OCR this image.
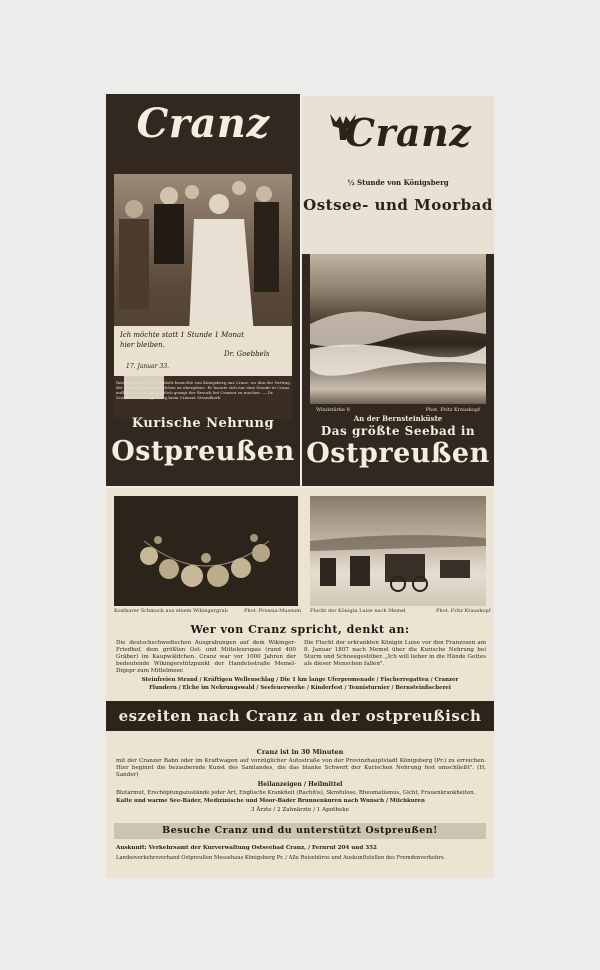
Cranz
Ich möchte statt 1 Stunde 1 Monat hier bleiben.
Dr. Goebbels
17. Januar 33.
Reichsminister Dr. Goebbels besuchte von Königsberg aus Cranz, wo ihm der Vertrag der Cranzer Blumenmädchen zu übergeben. Er konnte sich nur eine Stunde in Cranz aufhalten, so ist ausführlich gesagt der Besuch bei Cranzer zu machen. — Dr. Goebbels und Begleitung beim Cranzer Strandkorb
Kurische Nehrung
Ostpreußen
Cranz
½ Stunde von Königsberg
Ostsee- und Moorbad
Windstärke 8	Phot. Fritz Krauskopf
An der Bernsteinküste
Das größte Seebad in
Ostpreußen
Kostbarer Schmuck aus einem Wikingergrab	Phot. Prussia-Museum Flucht der Königin Luise nach Memel	Phot. Fritz Krauskopf
Wer von Cranz spricht, denkt an:
Die deutschschwedischen Ausgrabungen auf dem Wikinger-Friedhof, dem größten Ost- und Mitteleuropas (rund 400 Gräber) im Kaupwäldchen. Cranz war vor 1000 Jahren der bedeutende Wikingerstützpunkt der Handelsstraße Memel-Dnjepr zum Mittelmeer.
Die Flucht der erkrankten Königin Luise vor den Franzosen am 8. Januar 1807 nach Memel über die Kurische Nehrung bei Sturm und Schneegestöber. „Ich will lieber in die Hände Gottes als dieser Menschen fallen".
Steinfreien Strand / Kräftigen Wellenschlag / Die 1 km lange Uferpromenade / Fischerregatten / Cranzer
Flundern / Elche im Nehrungswald / Seefeuerwerke / Kinderfest / Tennisturnier / Bernsteinfischerei
eszeiten nach Cranz an der ostpreußisch
Cranz ist in 30 Minuten
mit der Cranzer Bahn oder im Kraftwagen auf vorzüglicher Autostraße von der Provinzhauptstadt Königsberg (Pr.) zu erreichen. Hier beginnt die bezaubernde Kunst des Samlandes, die das blanke Schwert der Kurischen Nehrung fest umschließt". (H. Sander)
Heilanzeigen / Heilmittel
Blutarmut, Erschöpfungszustände jeder Art, Englische Krankheit (Rachitis), Skrofulose, Rheumatismus, Gicht, Frauenkrankheiten.
Kalte und warme See-Bäder, Medizinische und Moor-Bäder Brunnenkuren nach Wunsch / Milchkuren
3 Ärzte / 2 Zahnärzte / 1 Apotheke
Besuche Cranz und du unterstützt Ostpreußen!
Auskunft: Verkehrsamt der Kurverwaltung Ostseebad Cranz, / Fernruf 204 und 352
Landesverkehrsverband Ostpreußen Messehaus Königsberg Pr. / Alle Reisebüros und Auskunftstellen des Fremdenverkehrs.
